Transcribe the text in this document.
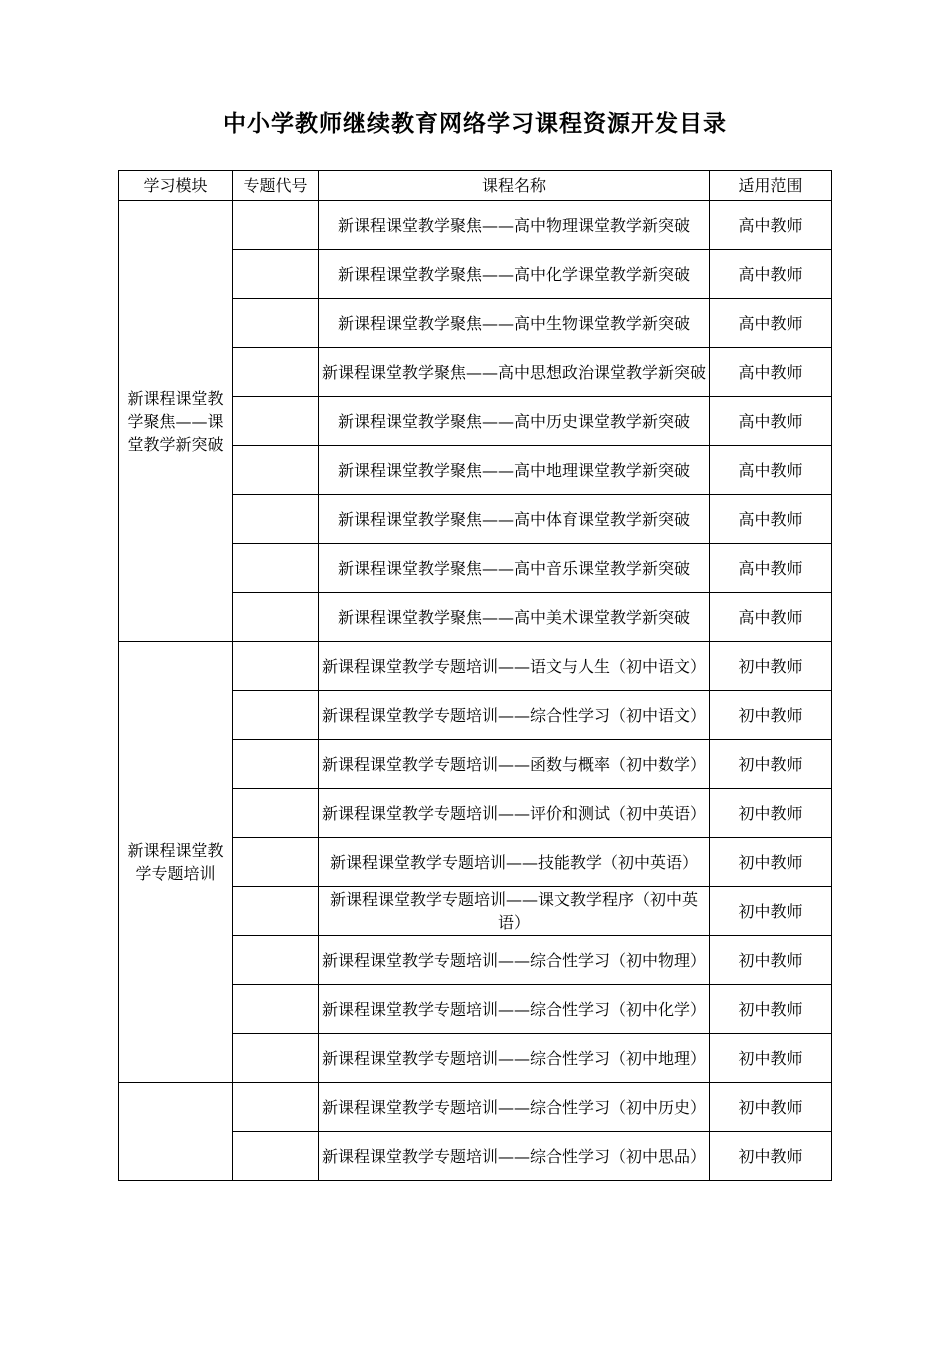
中小学教师继续教育网络学习课程资源开发目录
学习模块	专题代号	课程名称	适用范围
新课程课堂教学聚焦——课堂教学新突破		新课程课堂教学聚焦——高中物理课堂教学新突破	高中教师
		新课程课堂教学聚焦——高中化学课堂教学新突破	高中教师
		新课程课堂教学聚焦——高中生物课堂教学新突破	高中教师
		新课程课堂教学聚焦——高中思想政治课堂教学新突破	高中教师
		新课程课堂教学聚焦——高中历史课堂教学新突破	高中教师
		新课程课堂教学聚焦——高中地理课堂教学新突破	高中教师
		新课程课堂教学聚焦——高中体育课堂教学新突破	高中教师
		新课程课堂教学聚焦——高中音乐课堂教学新突破	高中教师
		新课程课堂教学聚焦——高中美术课堂教学新突破	高中教师
新课程课堂教学专题培训		新课程课堂教学专题培训——语文与人生（初中语文）	初中教师
		新课程课堂教学专题培训——综合性学习（初中语文）	初中教师
		新课程课堂教学专题培训——函数与概率（初中数学）	初中教师
		新课程课堂教学专题培训——评价和测试（初中英语）	初中教师
		新课程课堂教学专题培训——技能教学（初中英语）	初中教师
		新课程课堂教学专题培训——课文教学程序（初中英语）	初中教师
		新课程课堂教学专题培训——综合性学习（初中物理）	初中教师
		新课程课堂教学专题培训——综合性学习（初中化学）	初中教师
		新课程课堂教学专题培训——综合性学习（初中地理）	初中教师
		新课程课堂教学专题培训——综合性学习（初中历史）	初中教师
		新课程课堂教学专题培训——综合性学习（初中思品）	初中教师
